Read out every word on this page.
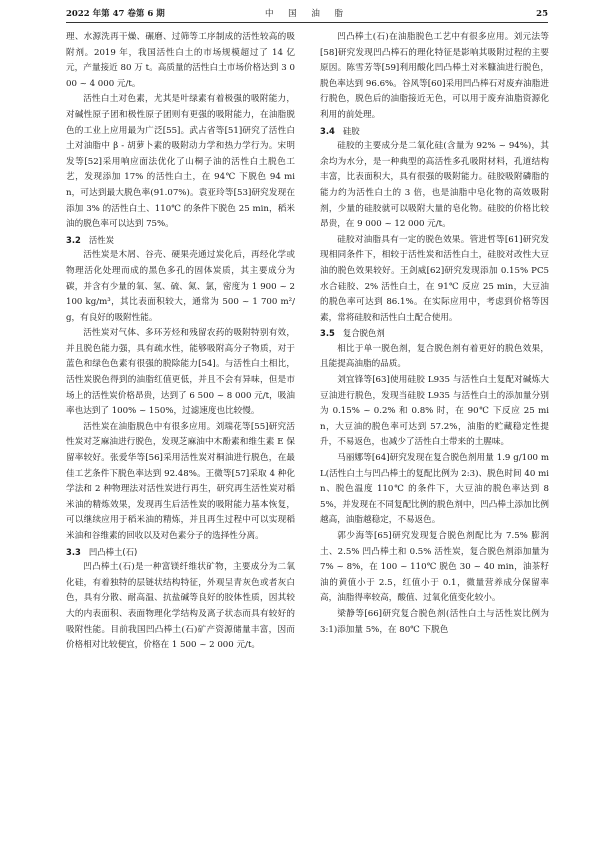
2022 年第 47 卷第 6 期	中 国 油 脂	25

理、水源洗再干燥、碾磨、过筛等工序制成的活性较高的吸附剂。2019 年，我国活性白土的市场规模超过了 14 亿元，产量接近 80 万 t。高质量的活性白土市场价格达到 3 000 ~ 4 000 元/t。

活性白土对色素，尤其是叶绿素有着极强的吸附能力，对碱性原子团和极性原子团则有更强的吸附能力，在油脂脱色的工业上应用最为广泛[55]。武占省等[51]研究了活性白土对油脂中 β - 胡萝卜素的吸附动力学和热力学行为。宋明发等[52]采用响应面法优化了山桐子油的活性白土脱色工艺，发现添加 17% 的活性白土，在 94℃ 下脱色 94 min，可达到最大脱色率(91.07%)。袁亚玲等[53]研究发现在添加 3% 的活性白土、110℃ 的条件下脱色 25 min，稻米油的脱色率可以达到 75%。

3.2 活性炭

活性炭是木屑、谷壳、硬果壳通过炭化后，再经化学或物理活化处理而成的黑色多孔的固体炭质，其主要成分为碳，并含有少量的氧、氢、硫、氮、氯，密度为 1 900 ~ 2 100 kg/m³，其比表面积较大，通常为 500 ~ 1 700 m²/g，有良好的吸附性能。

活性炭对气体、多环芳烃和残留农药的吸附特别有效，并且脱色能力强，具有疏水性，能够吸附高分子物质，对于蓝色和绿色色素有很强的脱除能力[54]。与活性白土相比，活性炭脱色得到的油脂红值更低，并且不会有异味，但是市场上的活性炭价格昂贵，达到了 6 500 ~ 8 000 元/t，吸油率也达到了 100% ~ 150%，过滤速度也比较慢。

活性炭在油脂脱色中有很多应用。刘瑞花等[55]研究活性炭对芝麻油进行脱色，发现芝麻油中木酚素和维生素 E 保留率较好。张爱华等[56]采用活性炭对桐油进行脱色，在最佳工艺条件下脱色率达到 92.48%。王微等[57]采取 4 种化学法和 2 种物理法对活性炭进行再生，研究再生活性炭对稻米油的精炼效果，发现再生后活性炭的吸附能力基本恢复，可以继续应用于稻米油的精炼，并且再生过程中可以实现稻米油和谷维素的回收以及对色素分子的选择性分离。

3.3 凹凸棒土(石)

凹凸棒土(石)是一种富镁纤维状矿物，主要成分为二氧化硅，有着独特的层链状结构特征，外观呈青灰色或者灰白色，具有分散、耐高温、抗盐碱等良好的胶体性质，因其较大的内表面积、表面物理化学结构及离子状态而具有较好的吸附性能。目前我国凹凸棒土(石)矿产资源储量丰富，因而价格相对比较便宜，价格在 1 500 ~ 2 000 元/t。

凹凸棒土(石)在油脂脱色工艺中有很多应用。刘元法等[58]研究发现凹凸棒石的理化特征是影响其吸附过程的主要原因。陈雪芳等[59]利用酸化凹凸棒土对米糠油进行脱色，脱色率达到 96.6%。谷风等[60]采用凹凸棒石对废弃油脂进行脱色，脱色后的油脂接近无色，可以用于废弃油脂资源化利用的前处理。

3.4 硅胶

硅胶的主要成分是二氧化硅(含量为 92% ~ 94%)，其余均为水分，是一种典型的高活性多孔吸附材料，孔道结构丰富，比表面积大，具有很强的吸附能力。硅胶吸附磷脂的能力约为活性白土的 3 倍，也是油脂中皂化物的高效吸附剂，少量的硅胶就可以吸附大量的皂化物。硅胶的价格比较昂贵，在 9 000 ~ 12 000 元/t。

硅胶对油脂具有一定的脱色效果。管进哲等[61]研究发现相同条件下，相较于活性炭和活性白土，硅胶对改性大豆油的脱色效果较好。王剑威[62]研究发现添加 0.15% PC5 水合硅胶、2% 活性白土，在 91℃ 反应 25 min，大豆油的脱色率可达到 86.1%。在实际应用中，考虑到价格等因素，常将硅胶和活性白土配合使用。

3.5 复合脱色剂

相比于单一脱色剂，复合脱色剂有着更好的脱色效果，且能提高油脂的品质。

刘宜锋等[63]使用硅胶 L935 与活性白土复配对碱炼大豆油进行脱色，发现当硅胶 L935 与活性白土的添加量分别为 0.15% ~ 0.2% 和 0.8% 时，在 90℃ 下反应 25 min，大豆油的脱色率可达到 57.2%，油脂的贮藏稳定性提升，不易返色，也减少了活性白土带来的土腥味。

马丽娜等[64]研究发现在复合脱色剂用量 1.9 g/100 mL(活性白土与凹凸棒土的复配比例为 2:3)、脱色时间 40 min、脱色温度 110℃ 的条件下，大豆油的脱色率达到 85%，并发现在不同复配比例的脱色剂中，凹凸棒土添加比例越高，油脂越稳定，不易返色。

郭少海等[65]研究发现复合脱色剂配比为 7.5% 膨润土、2.5% 凹凸棒土和 0.5% 活性炭，复合脱色剂添加量为 7% ~ 8%，在 100 ~ 110℃ 脱色 30 ~ 40 min，油茶籽油的黄值小于 2.5，红值小于 0.1，微量营养成分保留率高，油脂得率较高，酸值、过氧化值变化较小。

梁静等[66]研究复合脱色剂(活性白土与活性炭比例为 3:1)添加量 5%，在 80℃ 下脱色
